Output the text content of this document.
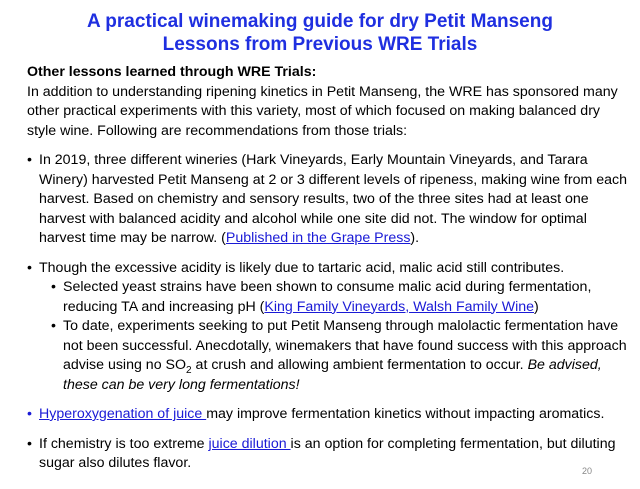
A practical winemaking guide for dry Petit Manseng
Lessons from Previous WRE Trials

Other lessons learned through WRE Trials:

In addition to understanding ripening kinetics in Petit Manseng, the WRE has sponsored many other practical experiments with this variety, most of which focused on making balanced dry style wine. Following are recommendations from those trials:

• In 2019, three different wineries (Hark Vineyards, Early Mountain Vineyards, and Tarara Winery) harvested Petit Manseng at 2 or 3 different levels of ripeness, making wine from each harvest. Based on chemistry and sensory results, two of the three sites had at least one harvest with balanced acidity and alcohol while one site did not. The window for optimal harvest time may be narrow. (Published in the Grape Press).
• Though the excessive acidity is likely due to tartaric acid, malic acid still contributes.
• Selected yeast strains have been shown to consume malic acid during fermentation, reducing TA and increasing pH (King Family Vineyards, Walsh Family Wine)
• To date, experiments seeking to put Petit Manseng through malolactic fermentation have not been successful. Anecdotally, winemakers that have found success with this approach advise using no $SO_2$ at crush and allowing ambient fermentation to occur. Be advised, these can be very long fermentations!
• Hyperoxygenation of juice may improve fermentation kinetics without impacting aromatics.
• If chemistry is too extreme juice dilution is an option for completing fermentation, but diluting sugar also dilutes flavor.	20
